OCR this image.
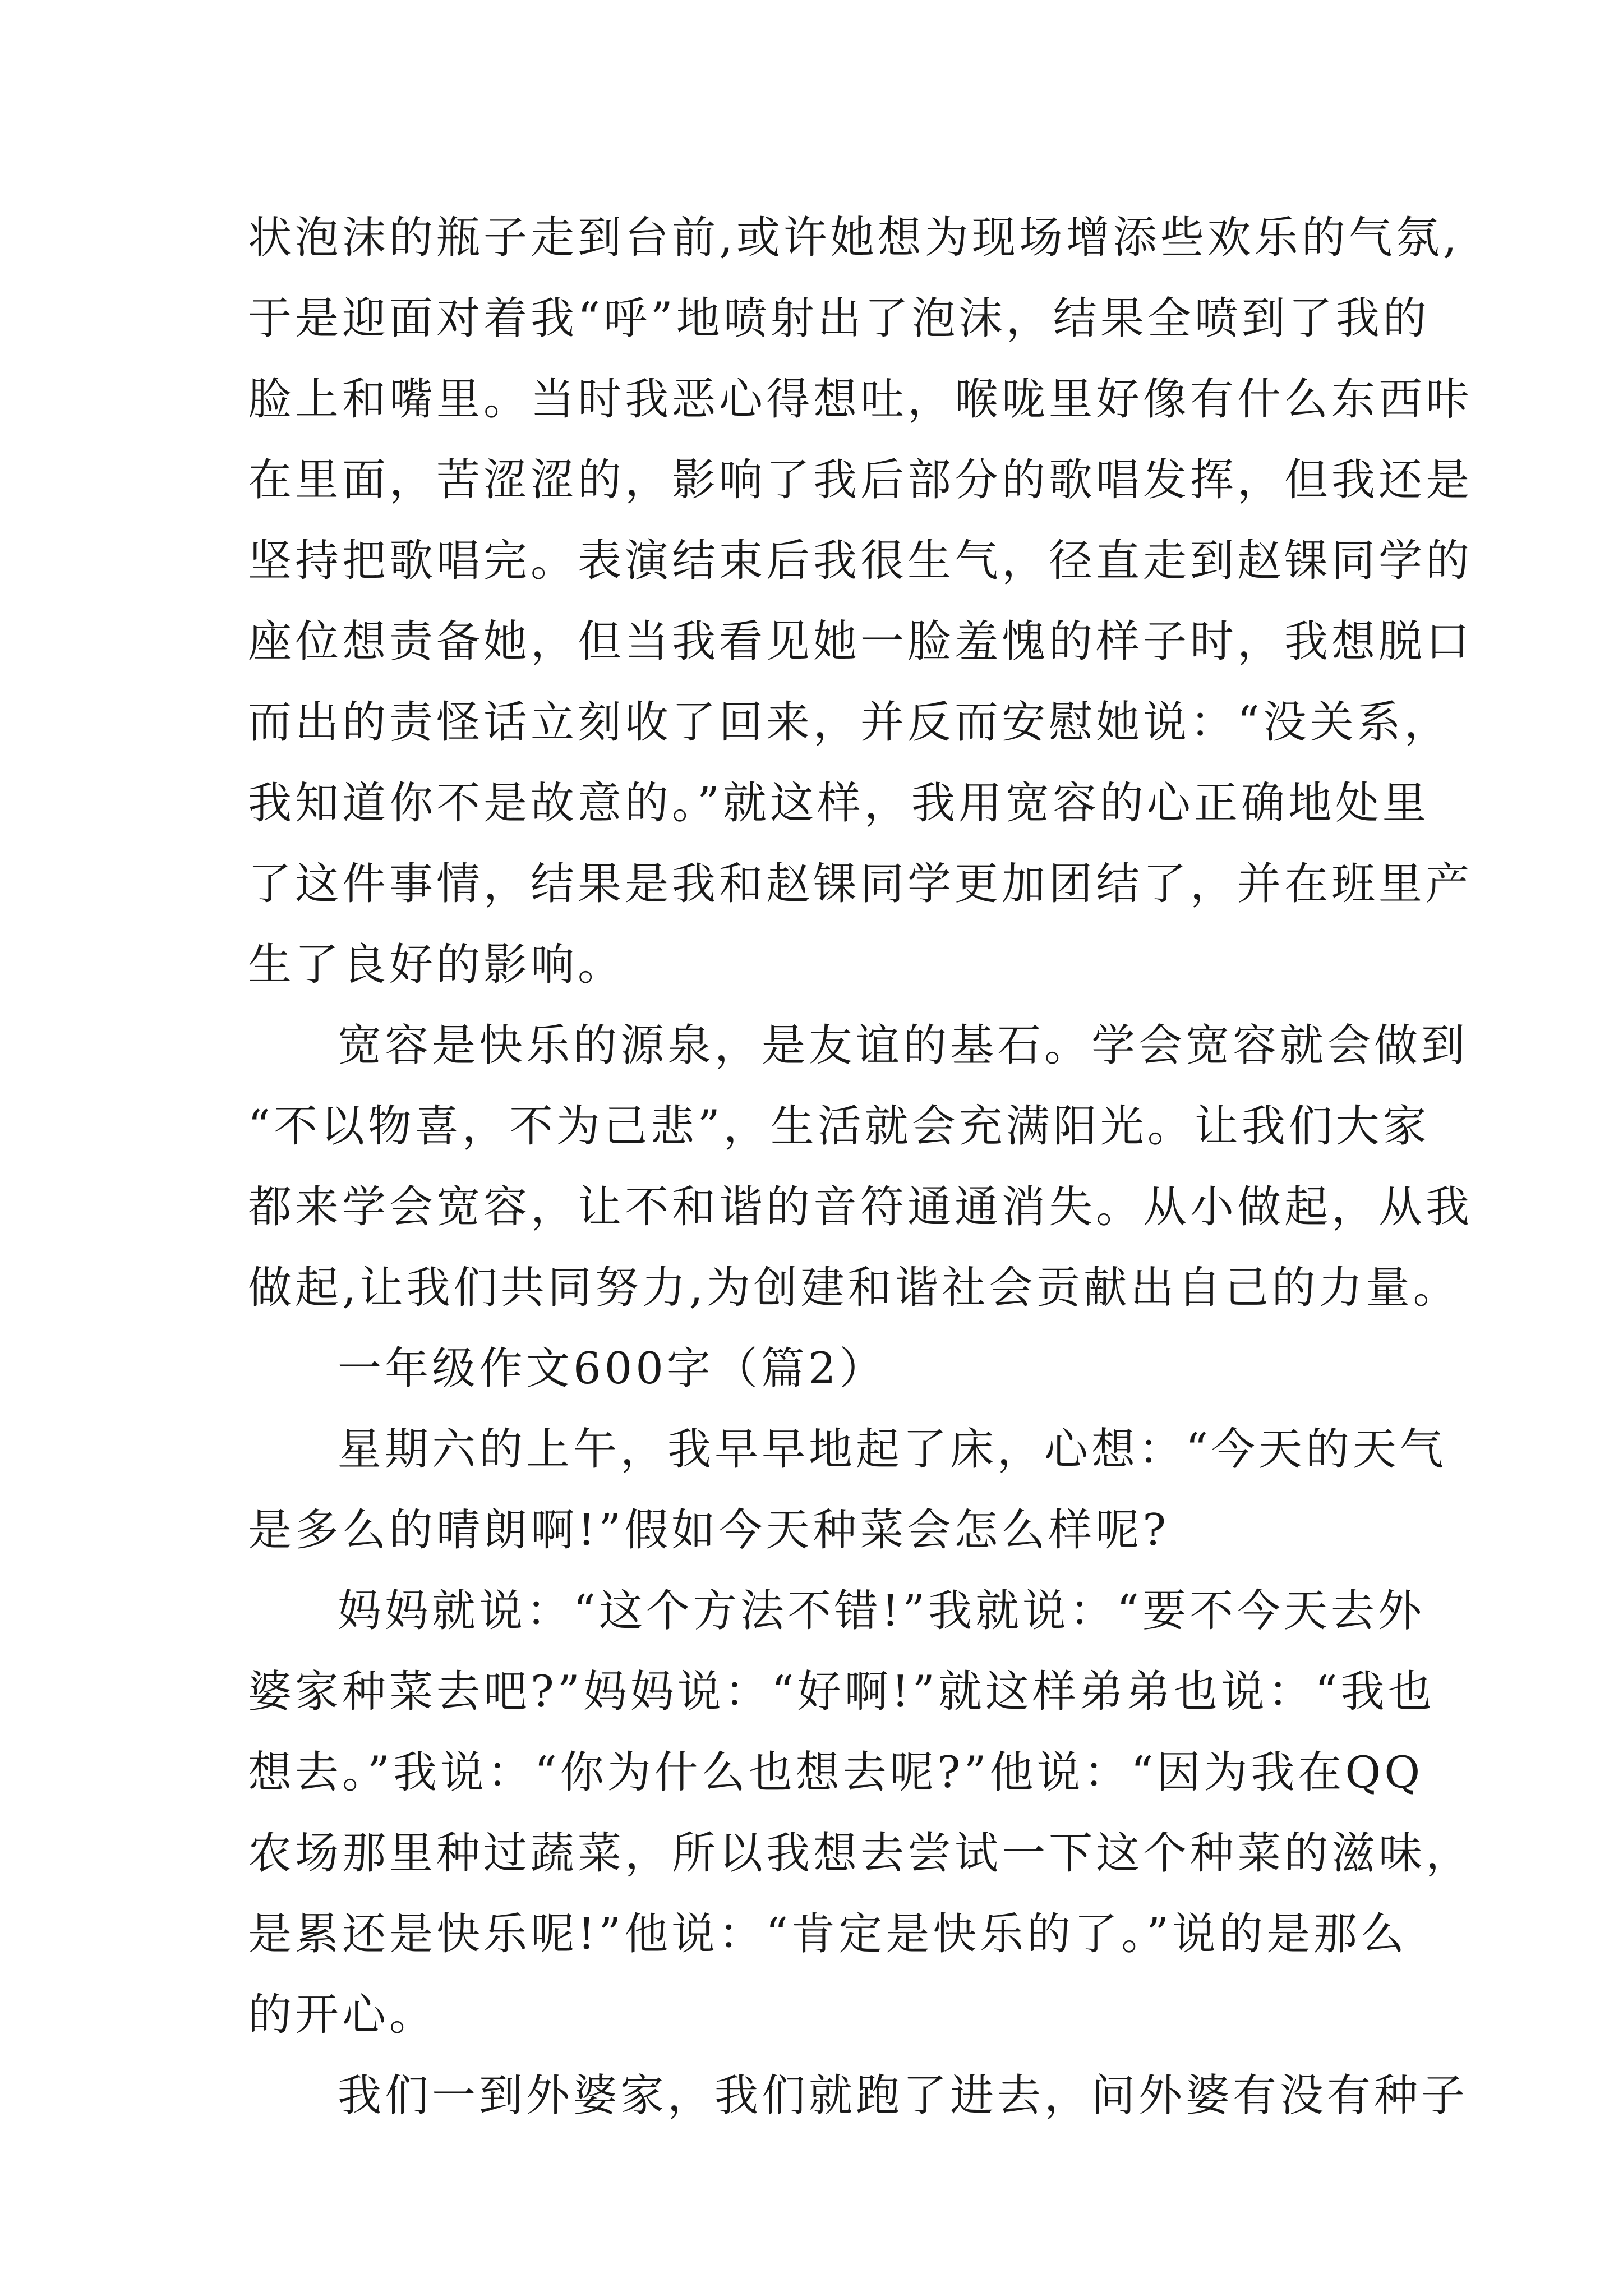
状泡沫的瓶子走到台前,或许她想为现场增添些欢乐的气氛,
于是迎面对着我“呼”地喷射出了泡沫，结果全喷到了我的
脸上和嘴里。当时我恶心得想吐，喉咙里好像有什么东西咔
在里面，苦涩涩的，影响了我后部分的歌唱发挥，但我还是
坚持把歌唱完。表演结束后我很生气，径直走到赵锞同学的
座位想责备她，但当我看见她一脸羞愧的样子时，我想脱口
而出的责怪话立刻收了回来，并反而安慰她说：“没关系，
我知道你不是故意的。”就这样，我用宽容的心正确地处里
了这件事情，结果是我和赵锞同学更加团结了，并在班里产
生了良好的影响。
宽容是快乐的源泉，是友谊的基石。学会宽容就会做到
“不以物喜，不为己悲”，生活就会充满阳光。让我们大家
都来学会宽容，让不和谐的音符通通消失。从小做起，从我
做起,让我们共同努力,为创建和谐社会贡献出自己的力量。
一年级作文600字（篇2）
星期六的上午，我早早地起了床，心想：“今天的天气
是多么的晴朗啊!”假如今天种菜会怎么样呢?
妈妈就说：“这个方法不错!”我就说：“要不今天去外
婆家种菜去吧?”妈妈说：“好啊!”就这样弟弟也说：“我也
想去。”我说：“你为什么也想去呢?”他说：“因为我在QQ
农场那里种过蔬菜，所以我想去尝试一下这个种菜的滋味，
是累还是快乐呢!”他说：“肯定是快乐的了。”说的是那么
的开心。
我们一到外婆家，我们就跑了进去，问外婆有没有种子
